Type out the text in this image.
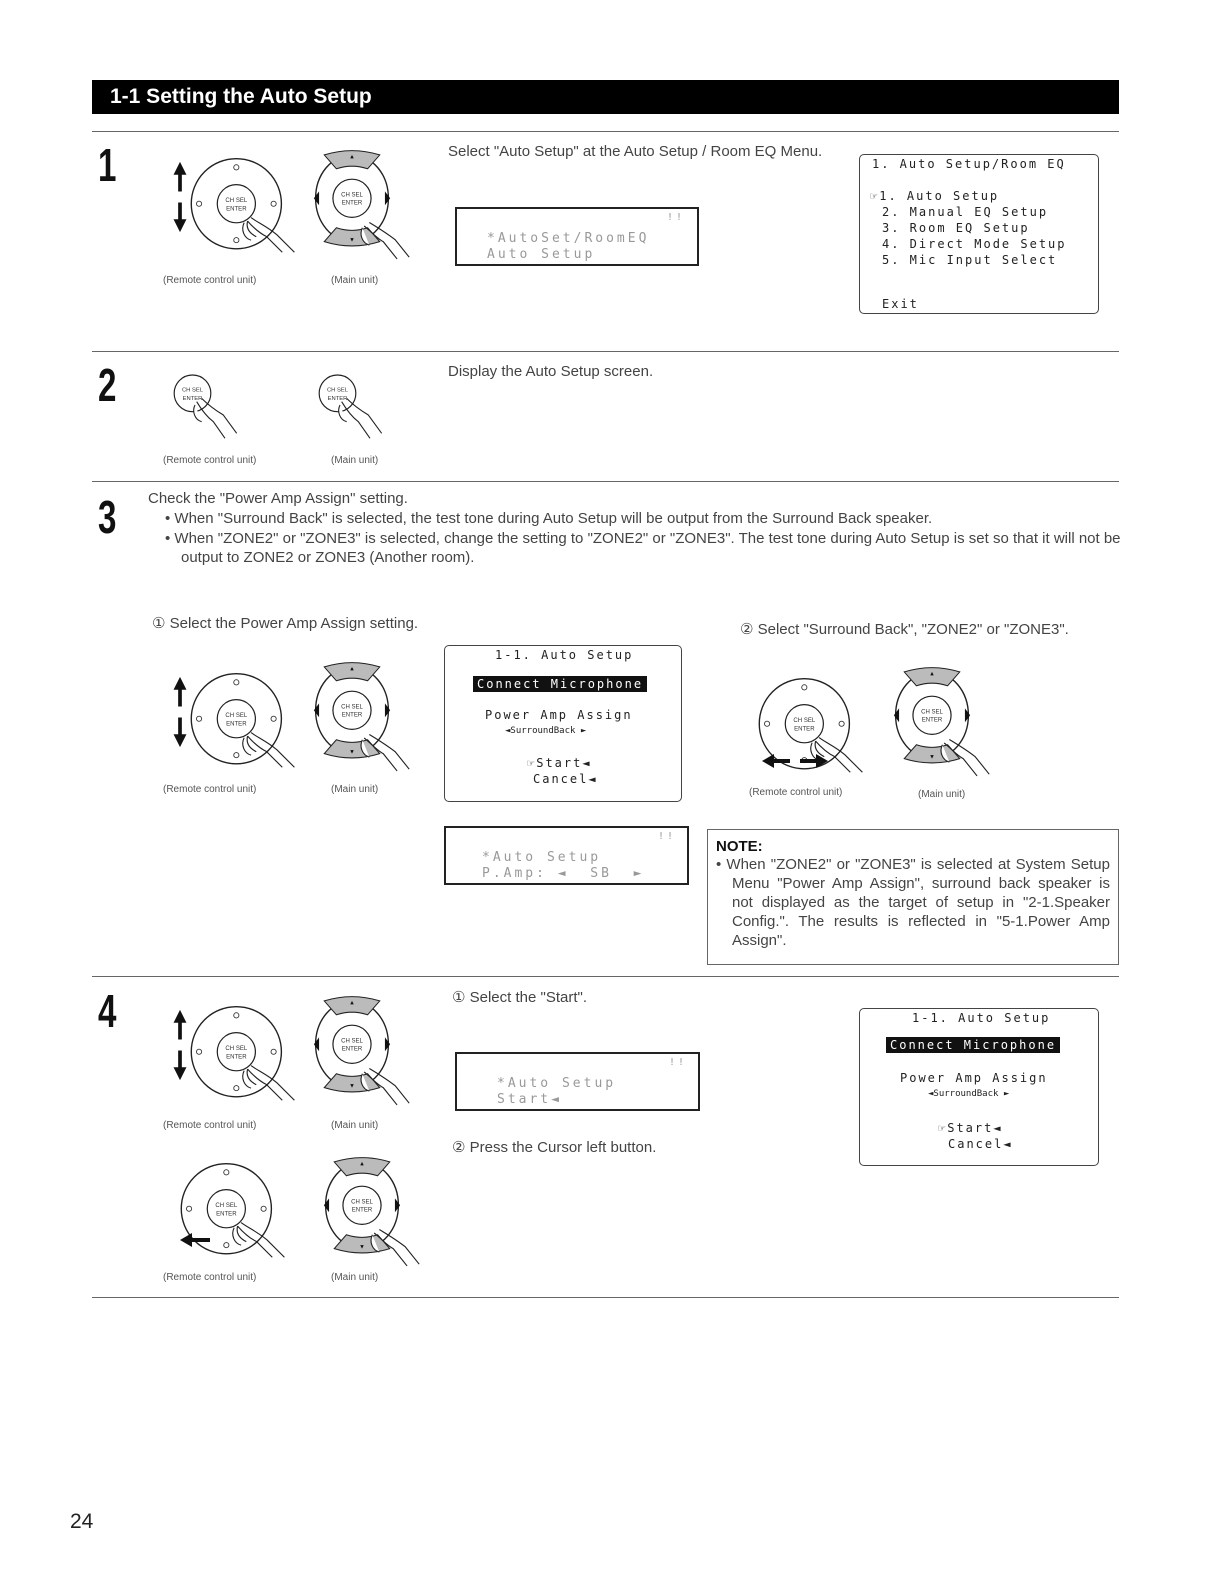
1-1 Setting the Auto Setup
1
(Remote control unit)	(Main unit)
Select "Auto Setup" at the Auto Setup / Room EQ Menu.
!!
*AutoSet/RoomEQ
Auto Setup
1. Auto Setup/Room EQ
☞1. Auto Setup
2. Manual EQ Setup
3. Room EQ Setup
4. Direct Mode Setup
5. Mic Input Select
Exit
2
(Remote control unit)	(Main unit)
Display the Auto Setup screen.
3 Check the "Power Amp Assign" setting.
• When "Surround Back" is selected, the test tone during Auto Setup will be output from the Surround Back speaker.
• When "ZONE2" or "ZONE3" is selected, change the setting to "ZONE2" or "ZONE3". The test tone during Auto Setup is set so that it will not be output to ZONE2 or ZONE3 (Another room).
① Select the Power Amp Assign setting.	② Select "Surround Back", "ZONE2" or "ZONE3".
(Remote control unit)	(Main unit)
1-1. Auto Setup
Connect Microphone
Power Amp Assign
◄SurroundBack ►
☞Start◄
Cancel◄
(Remote control unit)	(Main unit)
!!
*Auto Setup
P.Amp: ◄  SB  ►
NOTE:
• When "ZONE2" or "ZONE3" is selected at System Setup Menu "Power Amp Assign", surround back speaker is not displayed as the target of setup in "2-1.Speaker Config.". The results is reflected in "5-1.Power Amp Assign".
4
(Remote control unit)	(Main unit)
(Remote control unit)	(Main unit)
① Select the "Start".
!!
*Auto Setup
Start◄
② Press the Cursor left button.
1-1. Auto Setup
Connect Microphone
Power Amp Assign
◄SurroundBack ►
☞Start◄
Cancel◄
24
